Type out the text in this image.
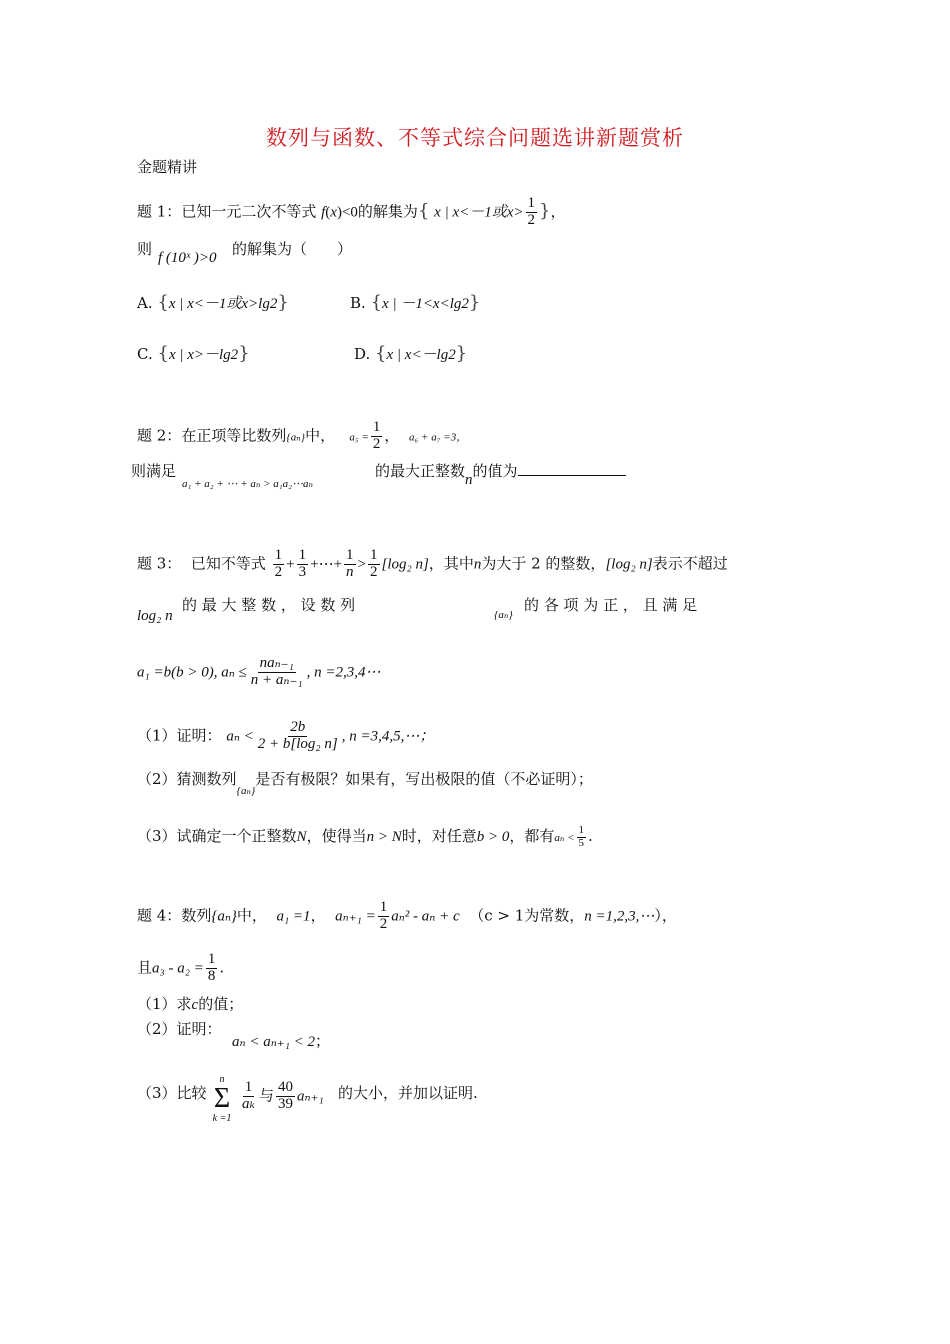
数列与函数、不等式综合问题选讲新题赏析
金题精讲
题 1：已知一元二次不等式 f(x)<0的解集为{ x | x<－1或$x> \frac{1}{2}$ }，
则 f (10ˣ )>0 的解集为（　　）
A. {x | x<－1或x>lg2}	B. {x | －1<x<lg2}
C. {x | x>－lg2}	D. {x | x<－lg2}
题 2：在正项等比数列{aₙ}中， $a_5 = \frac{1}{2}$ ， a₆ + a₇ =3，
则满足
a₁ + a₂ + ⋯ + aₙ > a₁a₂⋯aₙ
的最大正整数n的值为
题 3： 已知不等式 $\frac{1}{2} + \frac{1}{3}$ +⋯+ $\frac{1}{n} > \frac{1}{2} [\log_2$ n]，其中n为大于 2 的整数，[log₂ n]表示不超过
log₂ n
的 最 大 整 数 ， 设 数 列
{aₙ}
的 各 项 为 正 ， 且 满 足
a₁ =b(b > 0), $a_n \le \frac{\text{naₙ₋₁}}{\text{n + aₙ₋₁}}$ , n =2,3,4⋯
（1）证明： $a_n < \frac{2b}{\text{2 + b[log₂ n]}}$ , n =3,4,5,⋯；
（2）猜测数列$_{\{a_n\}}$是否有极限？如果有，写出极限的值（不必证明）；
（3）试确定一个正整数N，使得当n > N时，对任意b > 0，都有$a_n < \frac{1}{5}$ .
题 4：数列{aₙ}中， a₁ =1， $a_{n+1} = \frac{1}{2} a_n^2 - a_n + c$ （c > 1为常数，n =1,2,3,⋯），
且$a_3 - a_2 = \frac{1}{8}$ .
（1）求c的值；
（2）证明：
aₙ < aₙ₊₁ < 2；
（3）比较
n
Σ
k =1
$\frac{1}{\text{aₖ}}$ 与 $\frac{40}{39} a_{n+1}$ 的大小，并加以证明.
